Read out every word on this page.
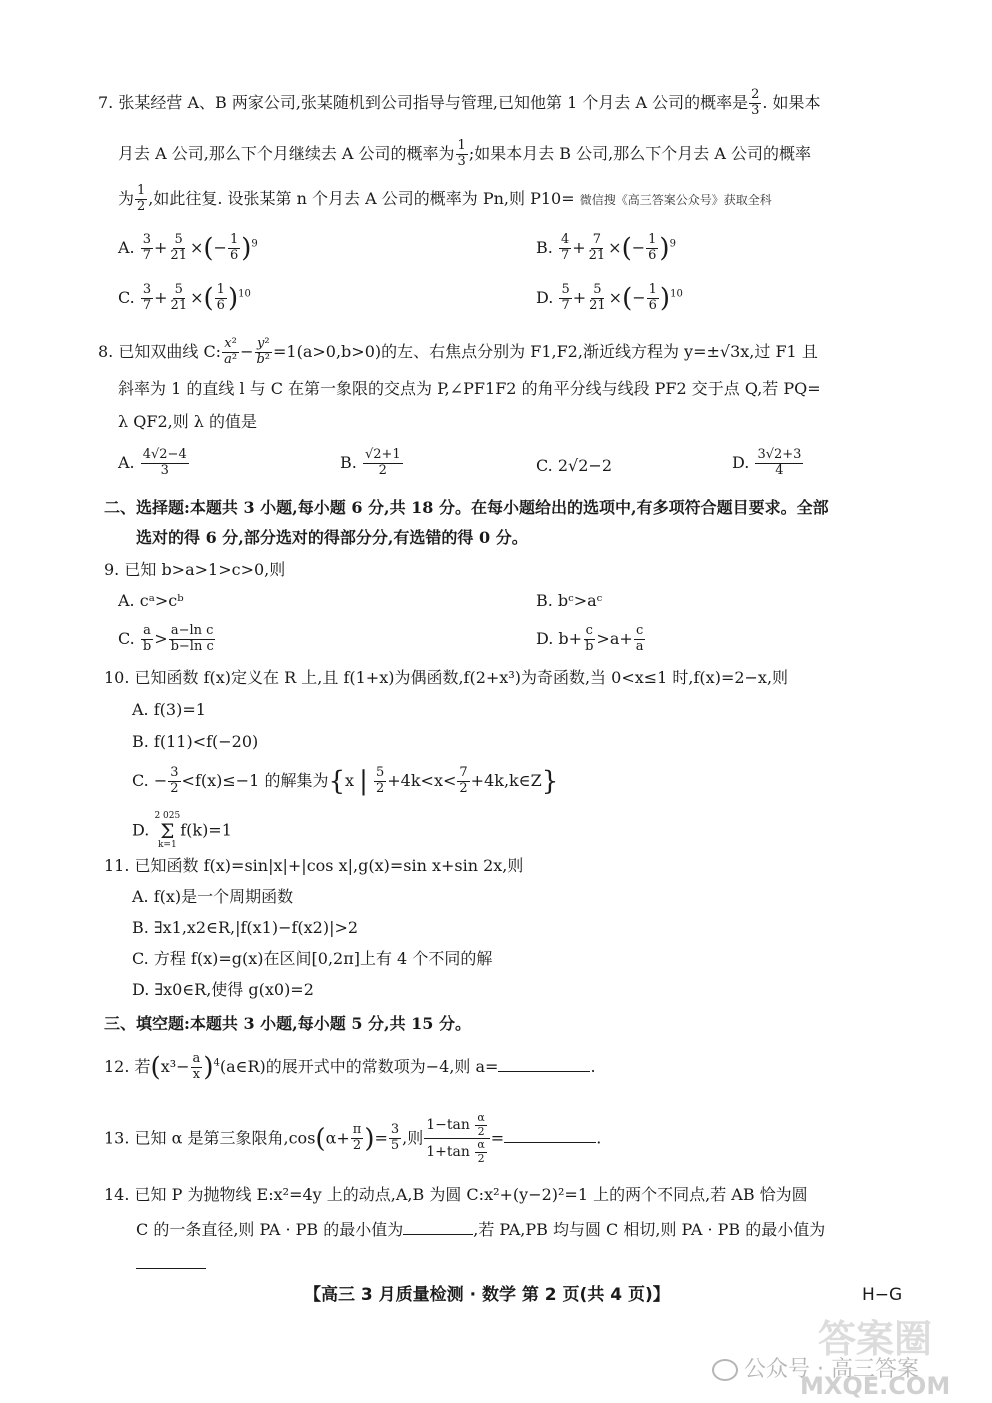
7. 张某经营 A、B 两家公司,张某随机到公司指导与管理,已知他第 1 个月去 A 公司的概率是 $\frac{2}{3}$ . 如果本
月去 A 公司,那么下个月继续去 A 公司的概率为 $\frac{1}{3}$ ;如果本月去 B 公司,那么下个月去 A 公司的概率
为 $\frac{1}{2}$ ,如此往复. 设张某第 n 个月去 A 公司的概率为 Pn,则 P10= 微信搜《高三答案公众号》获取全科
A. $\frac{3}{7} + \frac{5}{21}$ ×(− $\frac{1}{6} )^9$	B. $\frac{4}{7} + \frac{7}{21}$ ×(− $\frac{1}{6} )^9$
C. $\frac{3}{7} + \frac{5}{21}$ ×( $\frac{1}{6} )^{10}$	D. $\frac{5}{7} + \frac{5}{21}$ ×(− $\frac{1}{6} )^{10}$
8. 已知双曲线 C: $\frac{\text{x²}}{\text{a²}} - \frac{\text{y²}}{\text{b²}} =1(a>0,b>0)$的左、右焦点分别为 F1,F2,渐近线方程为 y=±√3x,过 F1 且
斜率为 1 的直线 l 与 C 在第一象限的交点为 P,∠PF1F2 的角平分线与线段 PF2 交于点 Q,若 PQ=
λ QF2,则 λ 的值是
A. $\frac{4√2-4}{3}$	B. $\frac{√2+1}{2}$	C. 2√2−2	D. $\frac{3√2+3}{4}$
二、选择题:本题共 3 小题,每小题 6 分,共 18 分。在每小题给出的选项中,有多项符合题目要求。全部
选对的得 6 分,部分选对的得部分分,有选错的得 0 分。
9. 已知 b>a>1>c>0,则
A. cᵃ>cᵇ	B. bᶜ>aᶜ
C. $\frac{a}{b} > \frac{\text{a−ln c}}{\text{b−ln c}}$	D. $b+ \frac{c}{b} >a+ \frac{c}{a}$
10. 已知函数 f(x)定义在 R 上,且 f(1+x)为偶函数,f(2+x³)为奇函数,当 0<x≤1 时,f(x)=2−x,则
A. f(3)=1
B. f(11)<f(−20)
C. − $\frac{3}{2} <f(x)\le-1$ 的解集为{x | $\frac{5}{2} +4k<x< \frac{7}{2}$ +4k,k∈Z}
D.
2 025
Σ
k=1
f(k)=1
11. 已知函数 f(x)=sin|x|+|cos x|,g(x)=sin x+sin 2x,则
A. f(x)是一个周期函数
B. ∃x1,x2∈R,|f(x1)−f(x2)|>2
C. 方程 f(x)=g(x)在区间[0,2π]上有 4 个不同的解
D. ∃x0∈R,使得 g(x0)=2
三、填空题:本题共 3 小题,每小题 5 分,共 15 分。
12. 若($x^3- \frac{a}{x}$ )$^4(a\in R)$的展开式中的常数项为−4,则 a=	.
13. 已知 α 是第三象限角$,\cos(\alpha+ \frac{\pi}{2}$ )= $\frac{3}{5}$ ,则 $\frac{1-\tan \frac{\alpha}{2}}{1+\tan \frac{\alpha}{2}}$ =	.
14. 已知 P 为抛物线 E:x²=4y 上的动点,A,B 为圆 C:x²+(y−2)²=1 上的两个不同点,若 AB 恰为圆
C 的一条直径,则 PA · PB 的最小值为	,若 PA,PB 均与圆 C 相切,则 PA · PB 的最小值为
【高三 3 月质量检测 · 数学 第 2 页(共 4 页)】	H−G
公众号 · 高三答案
MXQE.COM
答案圈
